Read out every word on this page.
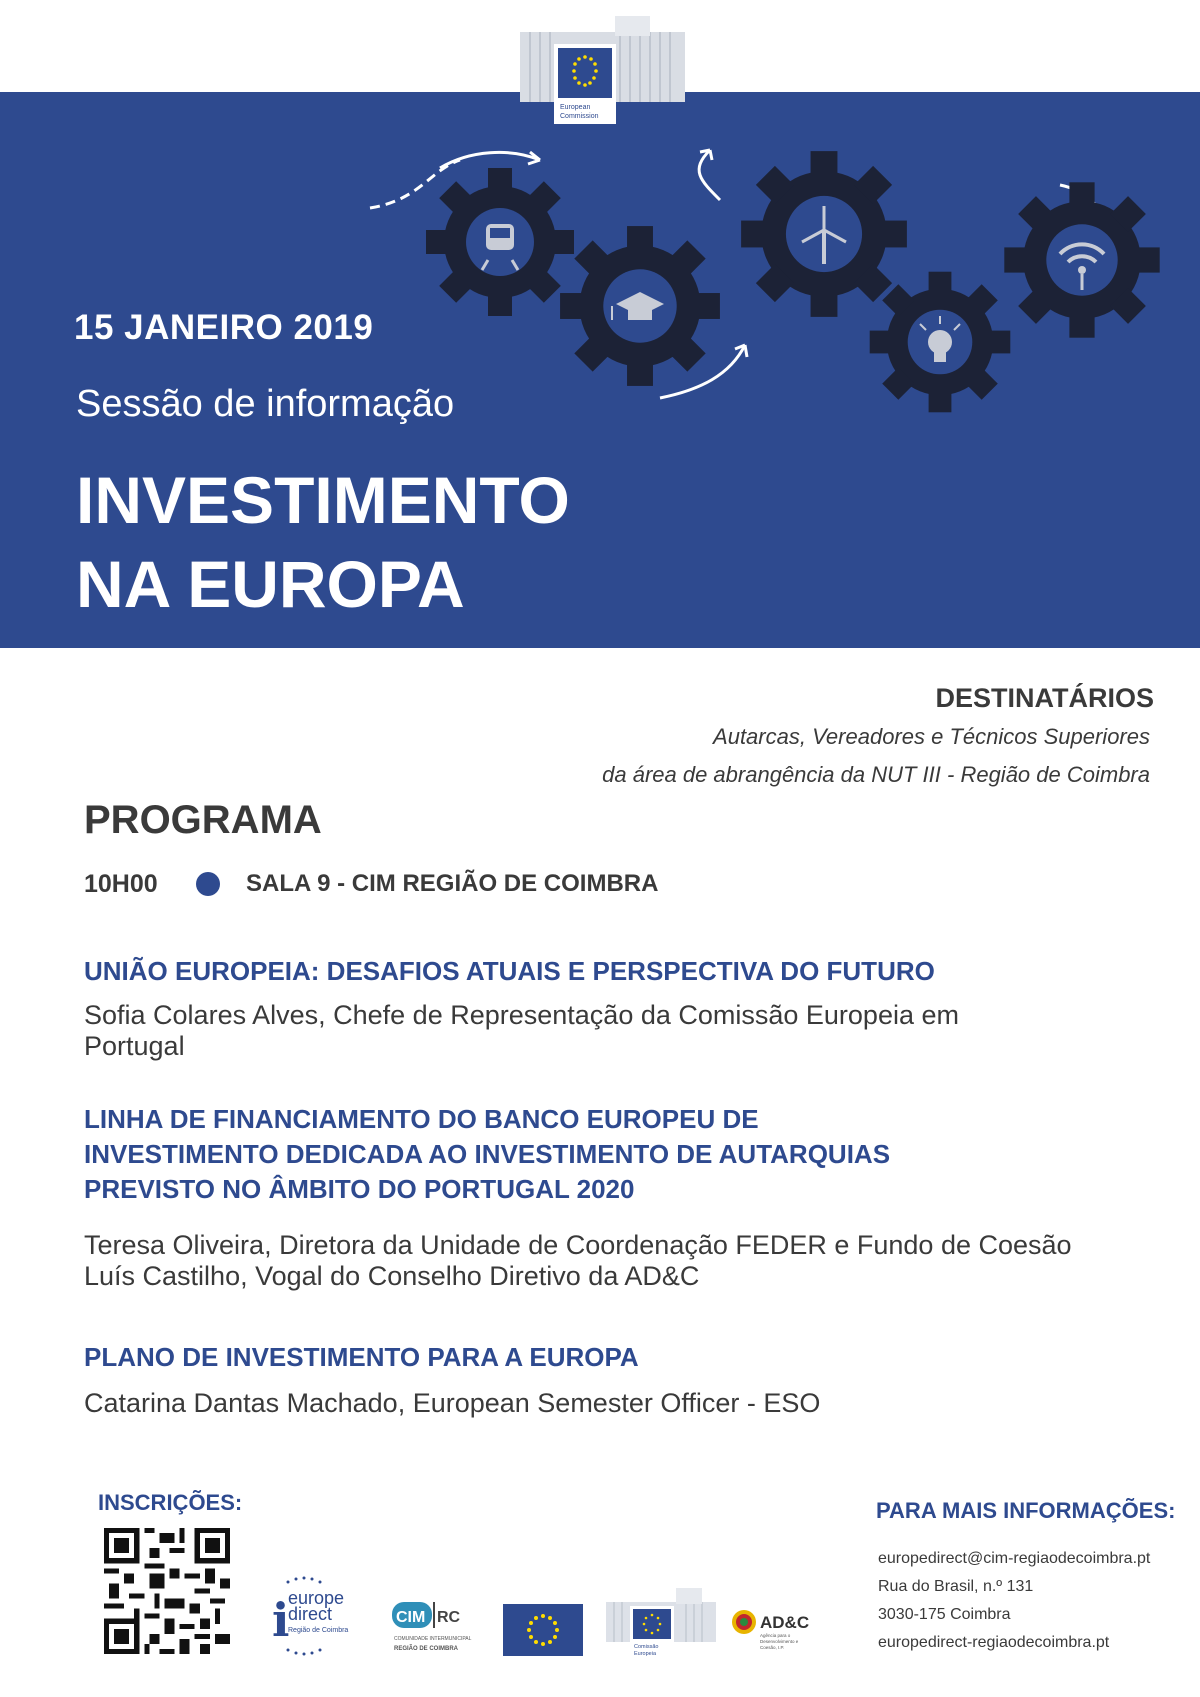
European
Commission
15 JANEIRO 2019
Sessão de informação
INVESTIMENTO
NA EUROPA
DESTINATÁRIOS
Autarcas, Vereadores e Técnicos Superiores
da área de abrangência da NUT III - Região de Coimbra
PROGRAMA
10H00	SALA 9 - CIM REGIÃO DE COIMBRA
UNIÃO EUROPEIA: DESAFIOS ATUAIS E PERSPECTIVA DO FUTURO
Sofia Colares Alves, Chefe de Representação da Comissão Europeia em Portugal
LINHA DE FINANCIAMENTO DO BANCO EUROPEU DE
INVESTIMENTO DEDICADA AO INVESTIMENTO DE AUTARQUIAS
PREVISTO NO ÂMBITO DO PORTUGAL 2020
Teresa Oliveira, Diretora da Unidade de Coordenação FEDER e Fundo de Coesão
Luís Castilho, Vogal do Conselho Diretivo da AD&C
PLANO DE INVESTIMENTO PARA A EUROPA
Catarina Dantas Machado, European Semester Officer - ESO
INSCRIÇÕES:
i
europe
direct
Região de Coimbra
CIM RC
COMUNIDADE INTERMUNICIPAL
REGIÃO DE COIMBRA	Comissão
Europeia
AD&C
Agência para o
Desenvolvimento e
Coesão, I.P.
PARA MAIS INFORMAÇÕES:
europedirect@cim-regiaodecoimbra.pt
Rua do Brasil, n.º 131
3030-175 Coimbra
europedirect-regiaodecoimbra.pt
